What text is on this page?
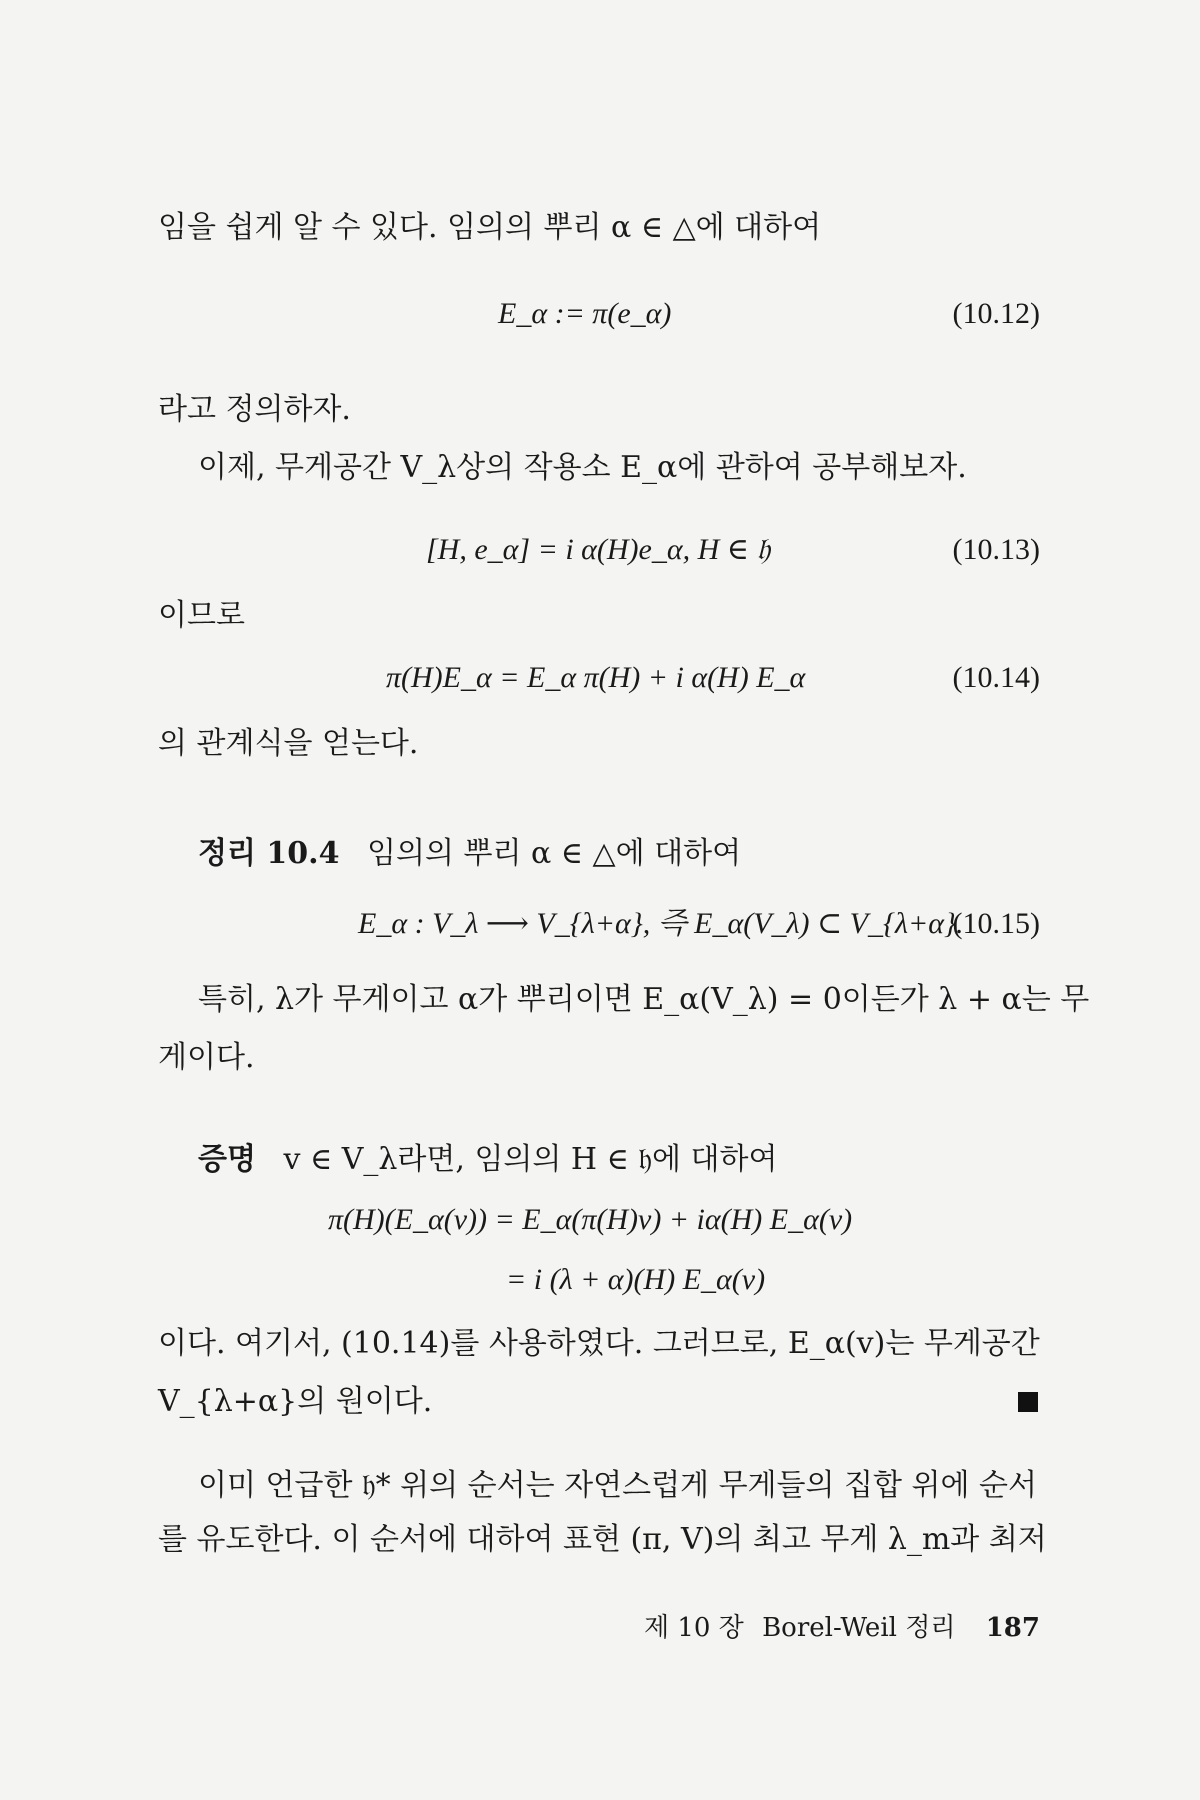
임을 쉽게 알 수 있다. 임의의 뿌리 α ∈ △에 대하여
E_α := π(e_α)	(10.12)
라고 정의하자.
이제, 무게공간 V_λ상의 작용소 E_α에 관하여 공부해보자.
[H, e_α] = i α(H)e_α, H ∈ 𝔥	(10.13)
이므로
π(H)E_α = E_α π(H) + i α(H) E_α	(10.14)
의 관계식을 얻는다.
정리 10.4 임의의 뿌리 α ∈ △에 대하여
E_α : V_λ ⟶ V_{λ+α}, 즉 E_α(V_λ) ⊂ V_{λ+α}.
(10.15)
특히, λ가 무게이고 α가 뿌리이면 E_α(V_λ) = 0이든가 λ + α는 무
게이다.
증명 v ∈ V_λ라면, 임의의 H ∈ 𝔥에 대하여
π(H)(E_α(v)) = E_α(π(H)v) + iα(H) E_α(v)
= i (λ + α)(H) E_α(v)
이다. 여기서, (10.14)를 사용하였다. 그러므로, E_α(v)는 무게공간
V_{λ+α}의 원이다.
이미 언급한 𝔥* 위의 순서는 자연스럽게 무게들의 집합 위에 순서
를 유도한다. 이 순서에 대하여 표현 (π, V)의 최고 무게 λ_m과 최저
제 10 장 Borel-Weil 정리 187
